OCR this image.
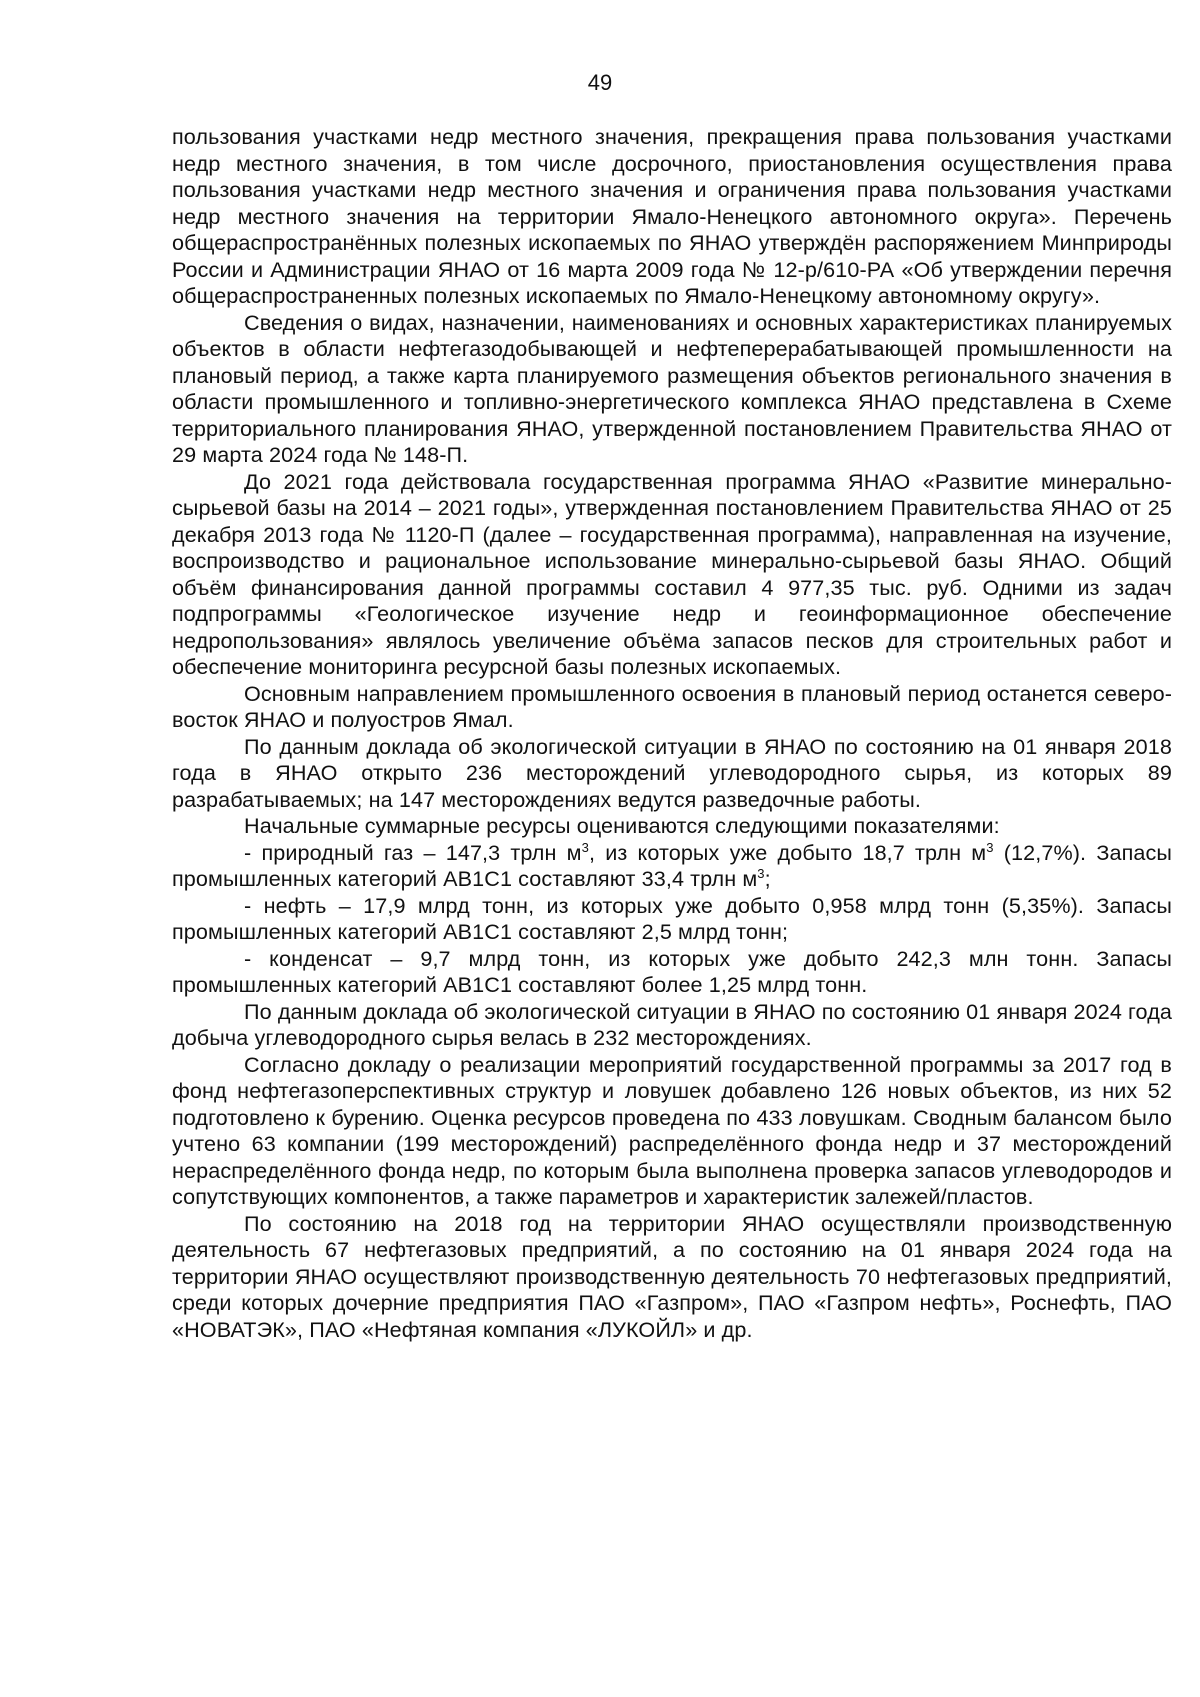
49

пользования участками недр местного значения, прекращения права пользования участками недр местного значения, в том числе досрочного, приостановления осуществления права пользования участками недр местного значения и ограничения права пользования участками недр местного значения на территории Ямало-Ненецкого автономного округа». Перечень общераспространённых полезных ископаемых по ЯНАО утверждён распоряжением Минприроды России и Администрации ЯНАО от 16 марта 2009 года № 12-р/610-РА «Об утверждении перечня общераспространенных полезных ископаемых по Ямало-Ненецкому автономному округу».

Сведения о видах, назначении, наименованиях и основных характеристиках планируемых объектов в области нефтегазодобывающей и нефтеперерабатывающей промышленности на плановый период, а также карта планируемого размещения объектов регионального значения в области промышленного и топливно-энергетического комплекса ЯНАО представлена в Схеме территориального планирования ЯНАО, утвержденной постановлением Правительства ЯНАО от 29 марта 2024 года № 148-П.

До 2021 года действовала государственная программа ЯНАО «Развитие минерально-сырьевой базы на 2014 – 2021 годы», утвержденная постановлением Правительства ЯНАО от 25 декабря 2013 года № 1120-П (далее – государственная программа), направленная на изучение, воспроизводство и рациональное использование минерально-сырьевой базы ЯНАО. Общий объём финансирования данной программы составил 4 977,35 тыс. руб. Одними из задач подпрограммы «Геологическое изучение недр и геоинформационное обеспечение недропользования» являлось увеличение объёма запасов песков для строительных работ и обеспечение мониторинга ресурсной базы полезных ископаемых.

Основным направлением промышленного освоения в плановый период останется северо-восток ЯНАО и полуостров Ямал.

По данным доклада об экологической ситуации в ЯНАО по состоянию на 01 января 2018 года в ЯНАО открыто 236 месторождений углеводородного сырья, из которых 89 разрабатываемых; на 147 месторождениях ведутся разведочные работы.

Начальные суммарные ресурсы оцениваются следующими показателями:

- природный газ – 147,3 трлн $м^3$, из которых уже добыто 18,7 трлн $м^3$ (12,7%). Запасы промышленных категорий АВ1С1 составляют 33,4 трлн $м^3$;

- нефть – 17,9 млрд тонн, из которых уже добыто 0,958 млрд тонн (5,35%). Запасы промышленных категорий АВ1С1 составляют 2,5 млрд тонн;

- конденсат – 9,7 млрд тонн, из которых уже добыто 242,3 млн тонн. Запасы промышленных категорий АВ1С1 составляют более 1,25 млрд тонн.

По данным доклада об экологической ситуации в ЯНАО по состоянию 01 января 2024 года добыча углеводородного сырья велась в 232 месторождениях.

Согласно докладу о реализации мероприятий государственной программы за 2017 год в фонд нефтегазоперспективных структур и ловушек добавлено 126 новых объектов, из них 52 подготовлено к бурению. Оценка ресурсов проведена по 433 ловушкам. Сводным балансом было учтено 63 компании (199 месторождений) распределённого фонда недр и 37 месторождений нераспределённого фонда недр, по которым была выполнена проверка запасов углеводородов и сопутствующих компонентов, а также параметров и характеристик залежей/пластов.

По состоянию на 2018 год на территории ЯНАО осуществляли производственную деятельность 67 нефтегазовых предприятий, а по состоянию на 01 января 2024 года на территории ЯНАО осуществляют производственную деятельность 70 нефтегазовых предприятий, среди которых дочерние предприятия ПАО «Газпром», ПАО «Газпром нефть», Роснефть, ПАО «НОВАТЭК», ПАО «Нефтяная компания «ЛУКОЙЛ» и др.
